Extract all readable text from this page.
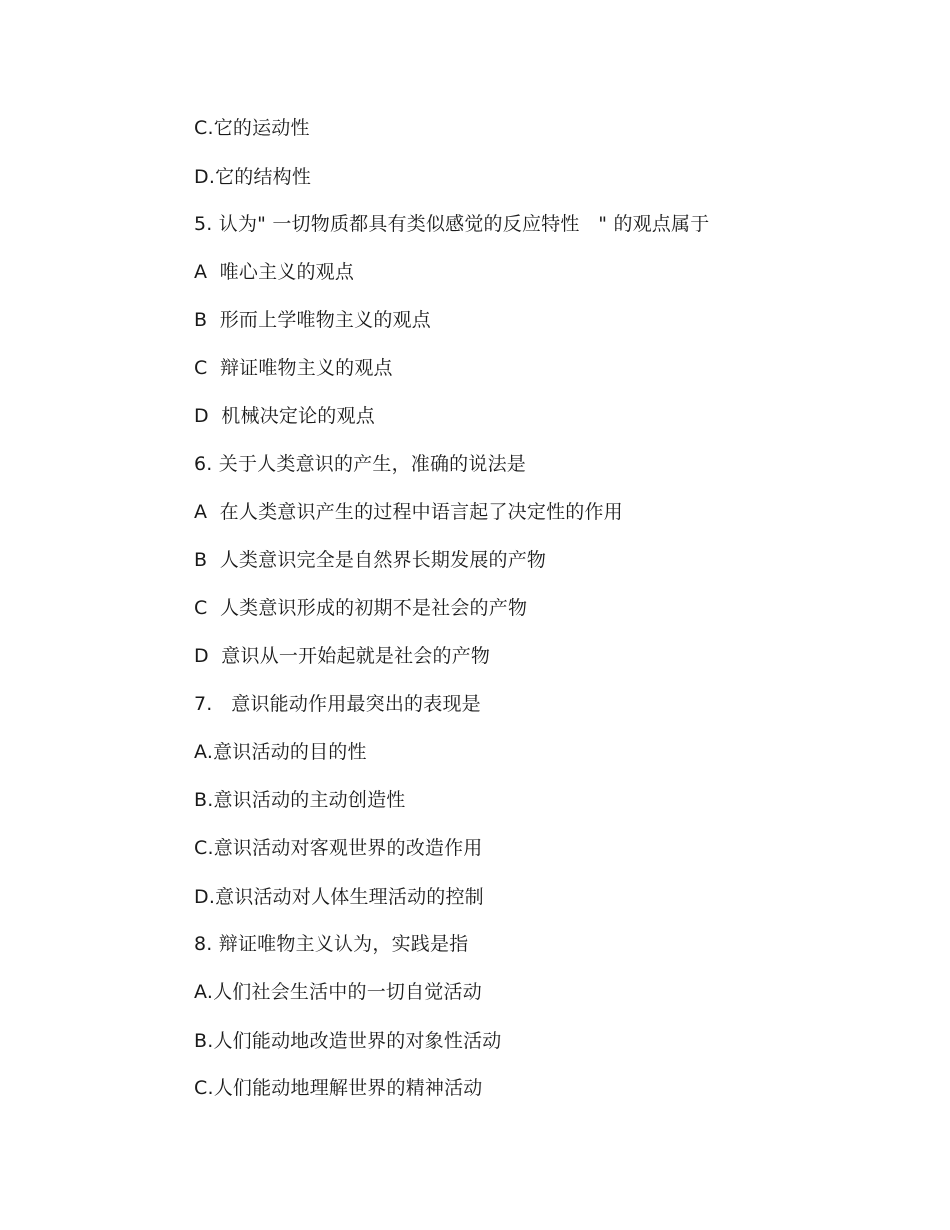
C.它的运动性
D.它的结构性
5. 认为" 一切物质都具有类似感觉的反应特性   " 的观点属于
A  唯心主义的观点
B  形而上学唯物主义的观点
C  辩证唯物主义的观点
D  机械决定论的观点
6. 关于人类意识的产生，准确的说法是
A  在人类意识产生的过程中语言起了决定性的作用
B  人类意识完全是自然界长期发展的产物
C  人类意识形成的初期不是社会的产物
D  意识从一开始起就是社会的产物
7.   意识能动作用最突出的表现是
A.意识活动的目的性
B.意识活动的主动创造性
C.意识活动对客观世界的改造作用
D.意识活动对人体生理活动的控制
8. 辩证唯物主义认为，实践是指
A.人们社会生活中的一切自觉活动
B.人们能动地改造世界的对象性活动
C.人们能动地理解世界的精神活动
